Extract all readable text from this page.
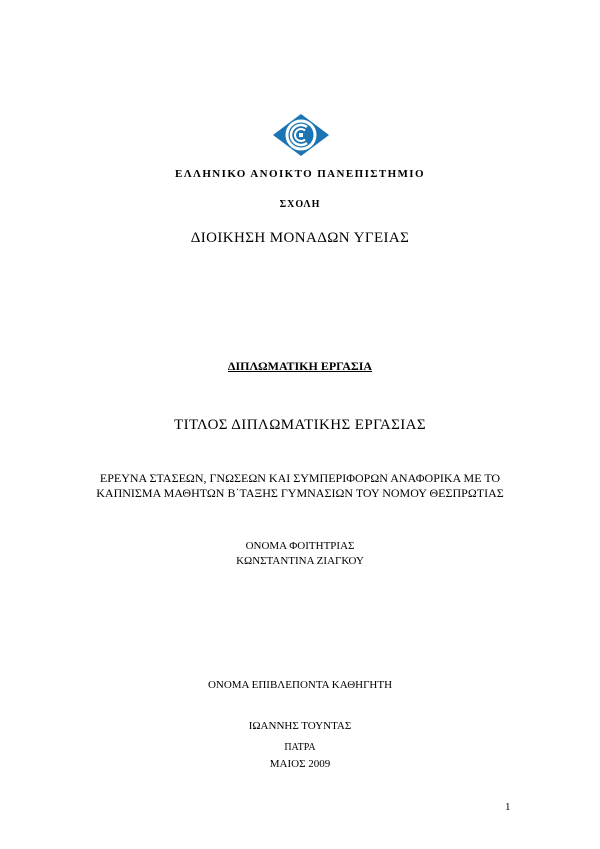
ΕΛΛΗΝΙΚΟ ΑΝΟΙΚΤΟ ΠΑΝΕΠΙΣΤΗΜΙΟ
ΣΧΟΛΗ
ΔΙΟΙΚΗΣΗ ΜΟΝΑΔΩΝ ΥΓΕΙΑΣ
ΔΙΠΛΩΜΑΤΙΚΗ ΕΡΓΑΣΙΑ
ΤΙΤΛΟΣ ΔΙΠΛΩΜΑΤΙΚΗΣ ΕΡΓΑΣΙΑΣ
ΕΡΕΥΝΑ ΣΤΑΣΕΩΝ, ΓΝΩΣΕΩΝ ΚΑΙ ΣΥΜΠΕΡΙΦΟΡΩΝ ΑΝΑΦΟΡΙΚΑ ΜΕ ΤΟ
ΚΑΠΝΙΣΜΑ ΜΑΘΗΤΩΝ Β΄ΤΑΞΗΣ ΓΥΜΝΑΣΙΩΝ ΤΟΥ ΝΟΜΟΥ ΘΕΣΠΡΩΤΙΑΣ
ΟΝΟΜΑ ΦΟΙΤΗΤΡΙΑΣ
ΚΩΝΣΤΑΝΤΙΝΑ ΖΙΑΓΚΟΥ
ΟΝΟΜΑ ΕΠΙΒΛΕΠΟΝΤΑ ΚΑΘΗΓΗΤΗ
ΙΩΑΝΝΗΣ ΤΟΥΝΤΑΣ
ΠΑΤΡΑ
ΜΑΙΟΣ 2009
1
